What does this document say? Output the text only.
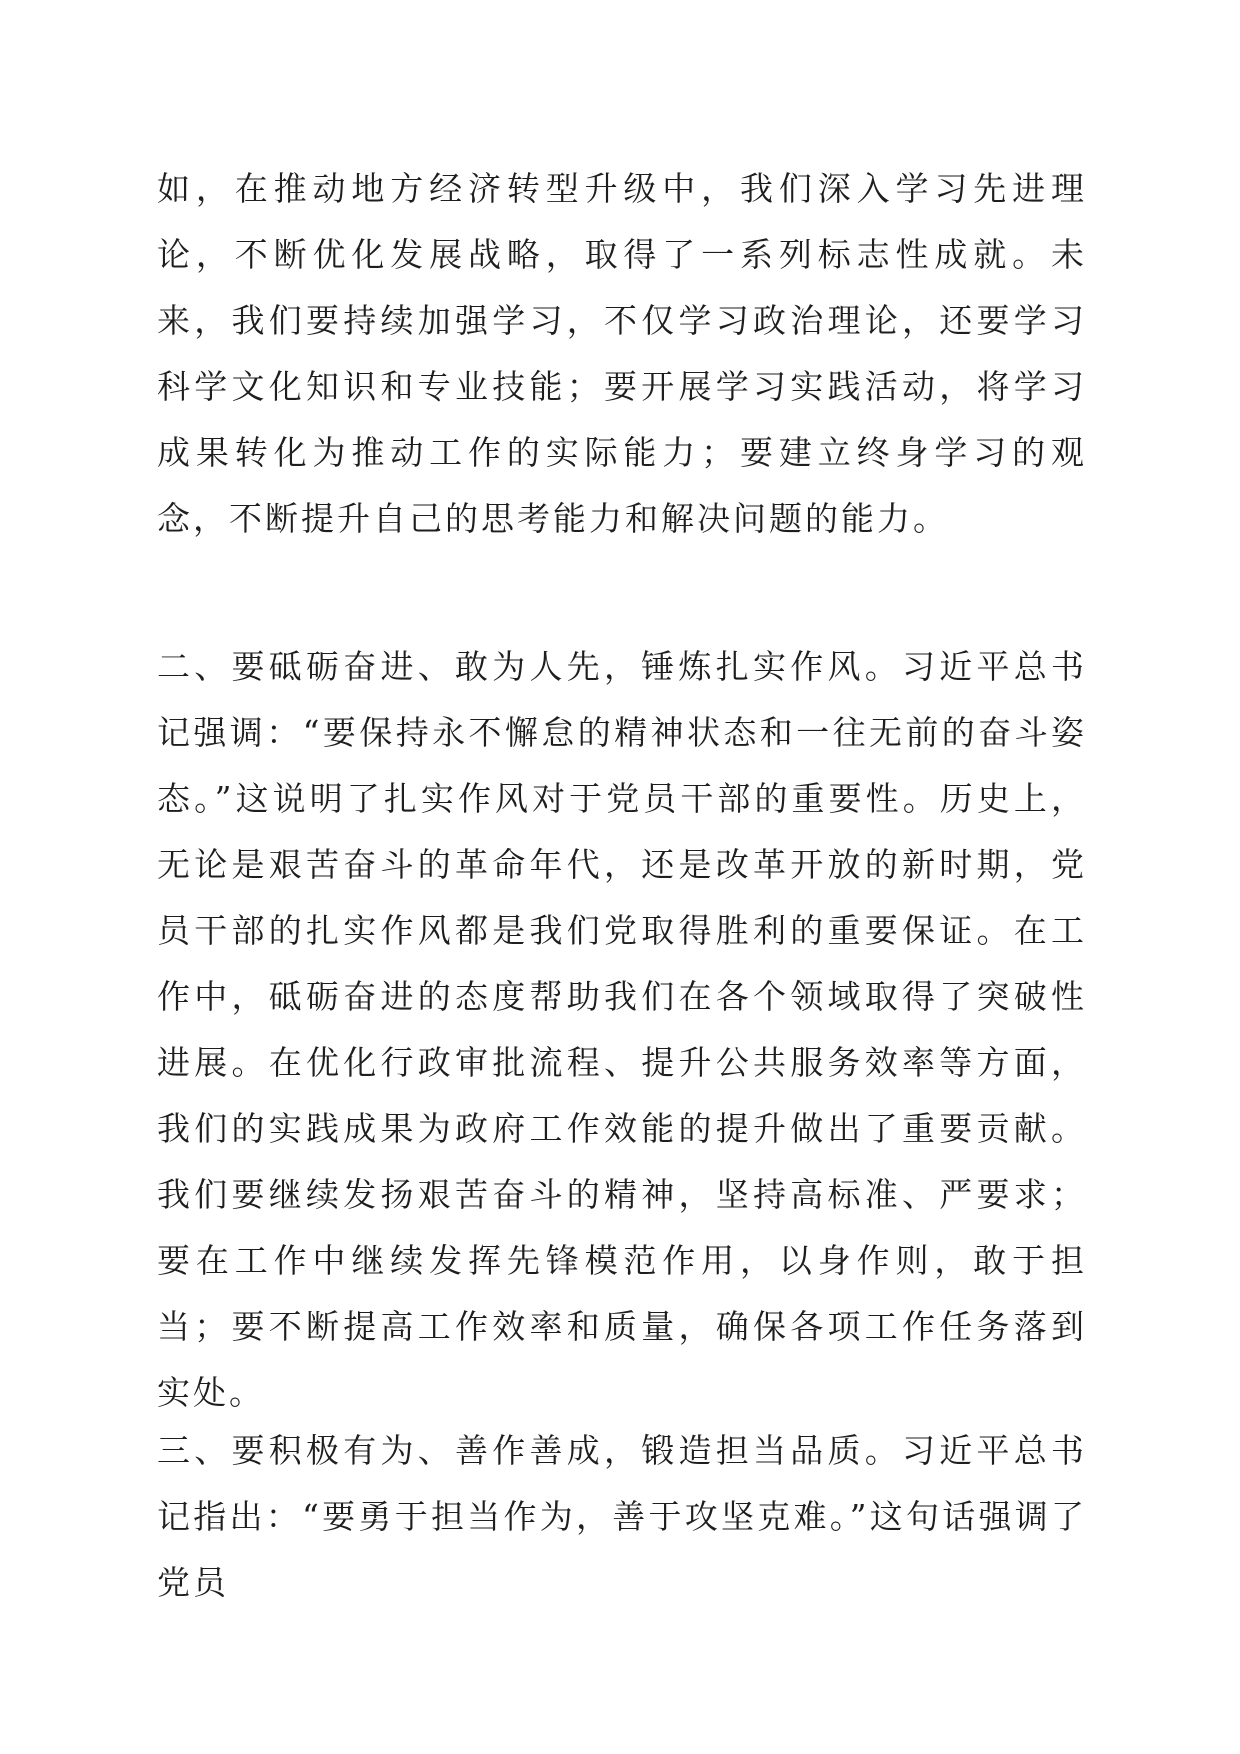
如，在推动地方经济转型升级中，我们深入学习先进理论，不断优化发展战略，取得了一系列标志性成就。未来，我们要持续加强学习，不仅学习政治理论，还要学习科学文化知识和专业技能；要开展学习实践活动，将学习成果转化为推动工作的实际能力；要建立终身学习的观念，不断提升自己的思考能力和解决问题的能力。

二、要砥砺奋进、敢为人先，锤炼扎实作风。习近平总书记强调：“要保持永不懈怠的精神状态和一往无前的奋斗姿态。”这说明了扎实作风对于党员干部的重要性。历史上，无论是艰苦奋斗的革命年代，还是改革开放的新时期，党员干部的扎实作风都是我们党取得胜利的重要保证。在工作中，砥砺奋进的态度帮助我们在各个领域取得了突破性进展。在优化行政审批流程、提升公共服务效率等方面，我们的实践成果为政府工作效能的提升做出了重要贡献。我们要继续发扬艰苦奋斗的精神，坚持高标准、严要求；要在工作中继续发挥先锋模范作用，以身作则，敢于担当；要不断提高工作效率和质量，确保各项工作任务落到实处。

三、要积极有为、善作善成，锻造担当品质。习近平总书记指出：“要勇于担当作为，善于攻坚克难。”这句话强调了党员
